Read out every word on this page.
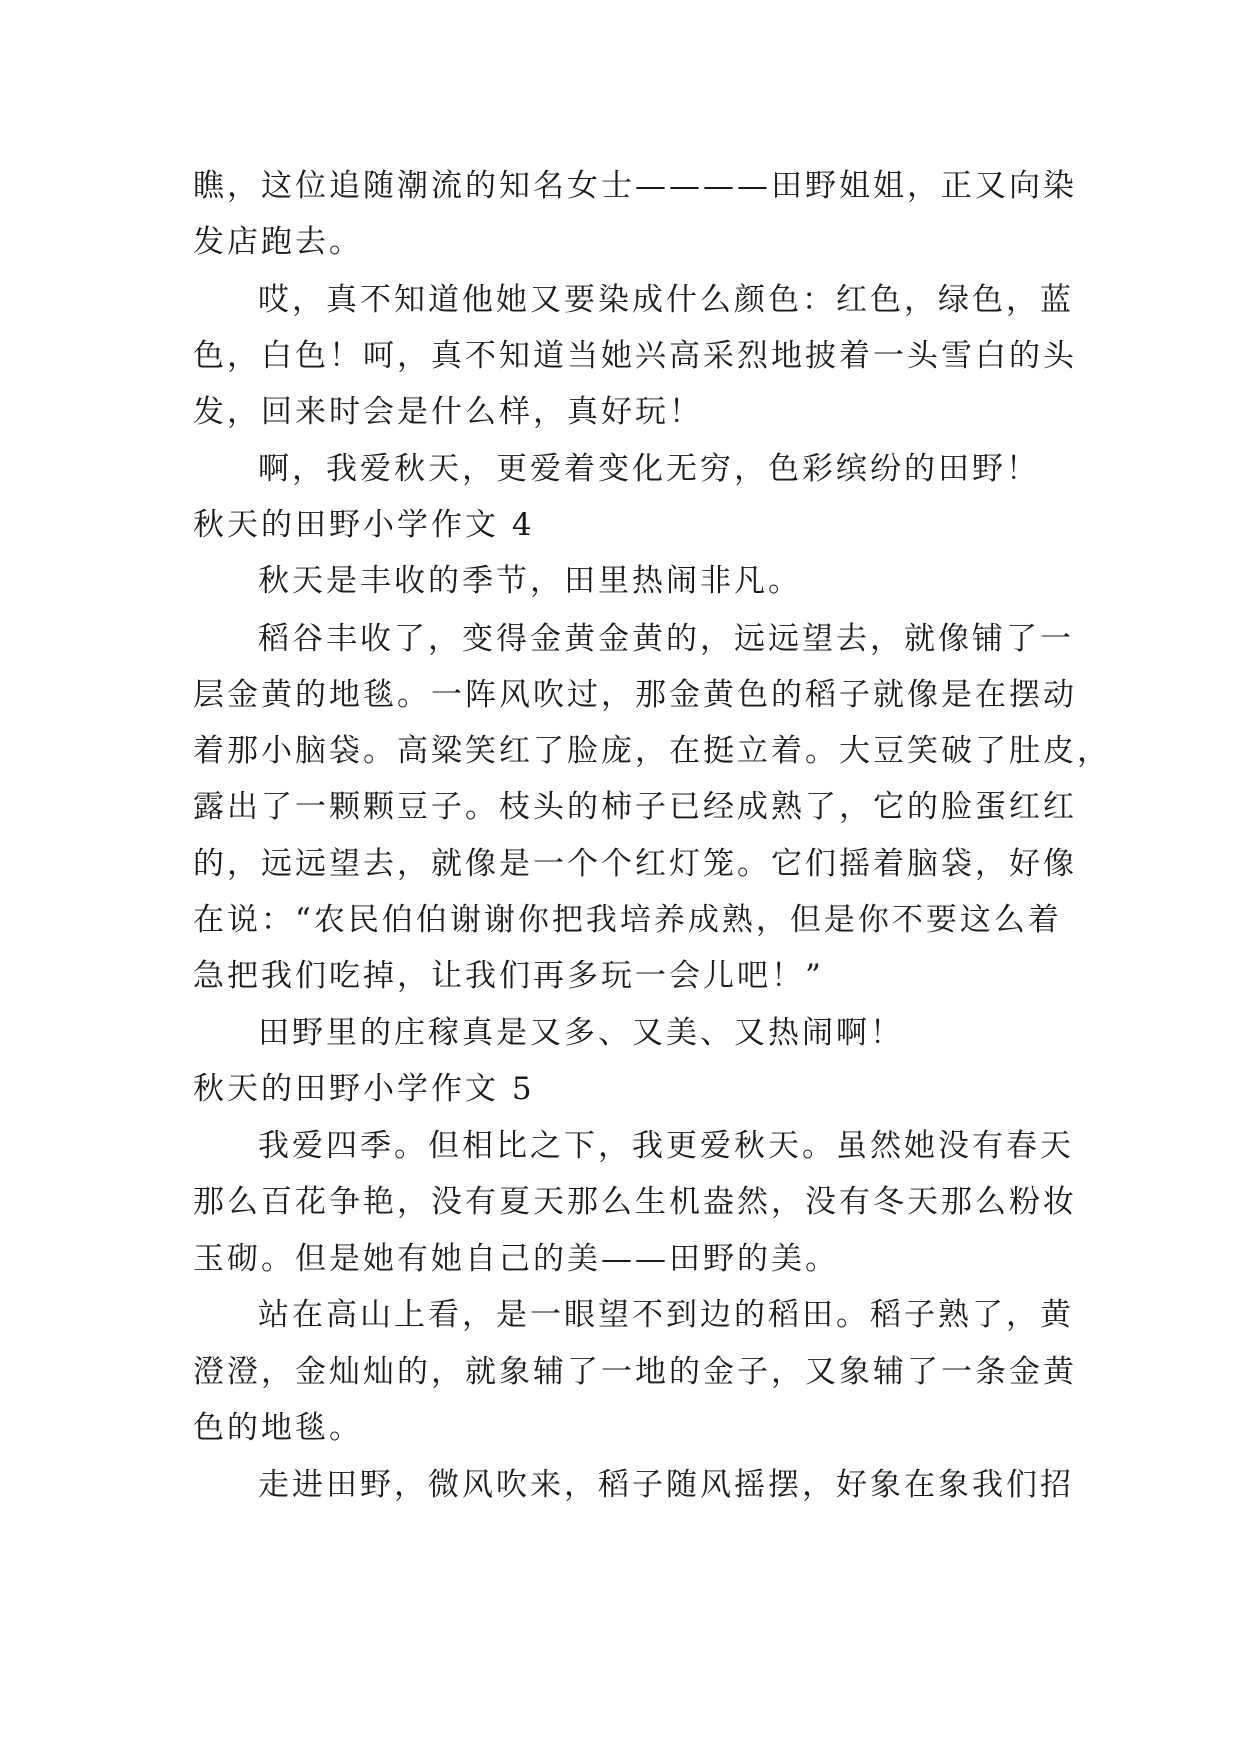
瞧，这位追随潮流的知名女士————田野姐姐，正又向染
发店跑去。
哎，真不知道他她又要染成什么颜色：红色，绿色，蓝
色，白色！呵，真不知道当她兴高采烈地披着一头雪白的头
发，回来时会是什么样，真好玩！
啊，我爱秋天，更爱着变化无穷，色彩缤纷的田野！
秋天的田野小学作文 4
秋天是丰收的季节，田里热闹非凡。
稻谷丰收了，变得金黄金黄的，远远望去，就像铺了一
层金黄的地毯。一阵风吹过，那金黄色的稻子就像是在摆动
着那小脑袋。高粱笑红了脸庞，在挺立着。大豆笑破了肚皮，
露出了一颗颗豆子。枝头的柿子已经成熟了，它的脸蛋红红
的，远远望去，就像是一个个红灯笼。它们摇着脑袋，好像
在说：“农民伯伯谢谢你把我培养成熟，但是你不要这么着
急把我们吃掉，让我们再多玩一会儿吧！”
田野里的庄稼真是又多、又美、又热闹啊！
秋天的田野小学作文 5
我爱四季。但相比之下，我更爱秋天。虽然她没有春天
那么百花争艳，没有夏天那么生机盎然，没有冬天那么粉妆
玉砌。但是她有她自己的美——田野的美。
站在高山上看，是一眼望不到边的稻田。稻子熟了，黄
澄澄，金灿灿的，就象辅了一地的金子，又象辅了一条金黄
色的地毯。
走进田野，微风吹来，稻子随风摇摆，好象在象我们招
